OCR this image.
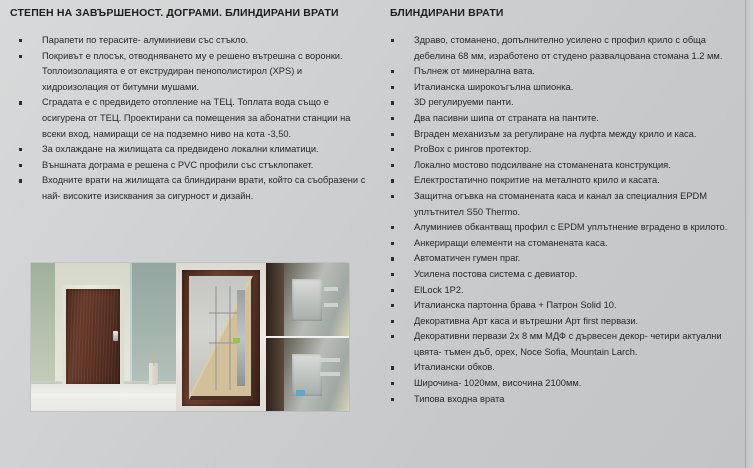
СТЕПЕН НА ЗАВЪРШЕНОСТ. ДОГРАМИ. БЛИНДИРАНИ ВРАТИ
Парапети по терасите- алуминиеви със стъкло.
Покривът е плосък, отводняването му е решено вътрешна с воронки. Топлоизолацията е от екструдиран пенополистирол (XPS) и хидроизолация от битумни мушами.
Сградата е с предвидето отопление на ТЕЦ. Топлата вода също е осигурена от ТЕЦ. Проектирани са помещения за абонатни станции на всеки вход, намиращи се на подземно ниво на кота -3,50.
За охлаждане на жилищата са предвидено локални климатици.
Външната дограма е решена с PVC профили със стъклопакет.
Входните врати на жилищата са блиндирани врати, който са съобразени с най- високите изисквания за сигурност и дизайн.
БЛИНДИРАНИ ВРАТИ
Здраво, стоманено, допълнително усилено с профил крило с обща дебелина 68 мм, изработено от студено развалцована стомана 1.2 мм.
Пълнеж от минерална вата.
Италианска широкоъгълна шпионка.
3D регулируеми панти.
Два пасивни шипа от страната на пантите.
Вграден механизъм за регулиране на луфта между крило и каса.
ProBox с рингов протектор.
Локално мостово подсилване на стоманената конструкция.
Електростатично покритие на металното крило и касата.
Защитна огъвка на стоманената каса и канал за специалния EPDM уплътнител S50 Thermo.
Алуминиев обкантващ профил с EPDM уплътнение вградено в крилото.
Анкериращи елементи на стоманената каса.
Автоматичен гумен праг.
Усилена постова система с девиатор.
ElLock 1P2.
Италианска партонна брава + Патрон Solid 10.
Декоративна Арт каса и вътрешни Арт first первази.
Декоративни первази 2х 8 мм МДФ с дървесен декор- четири актуални цвята- тъмен дъб, орех, Noce Sofia, Mountain Larch.
Италиански обков.
Широчина- 1020мм, височина 2100мм.
Типова входна врата
